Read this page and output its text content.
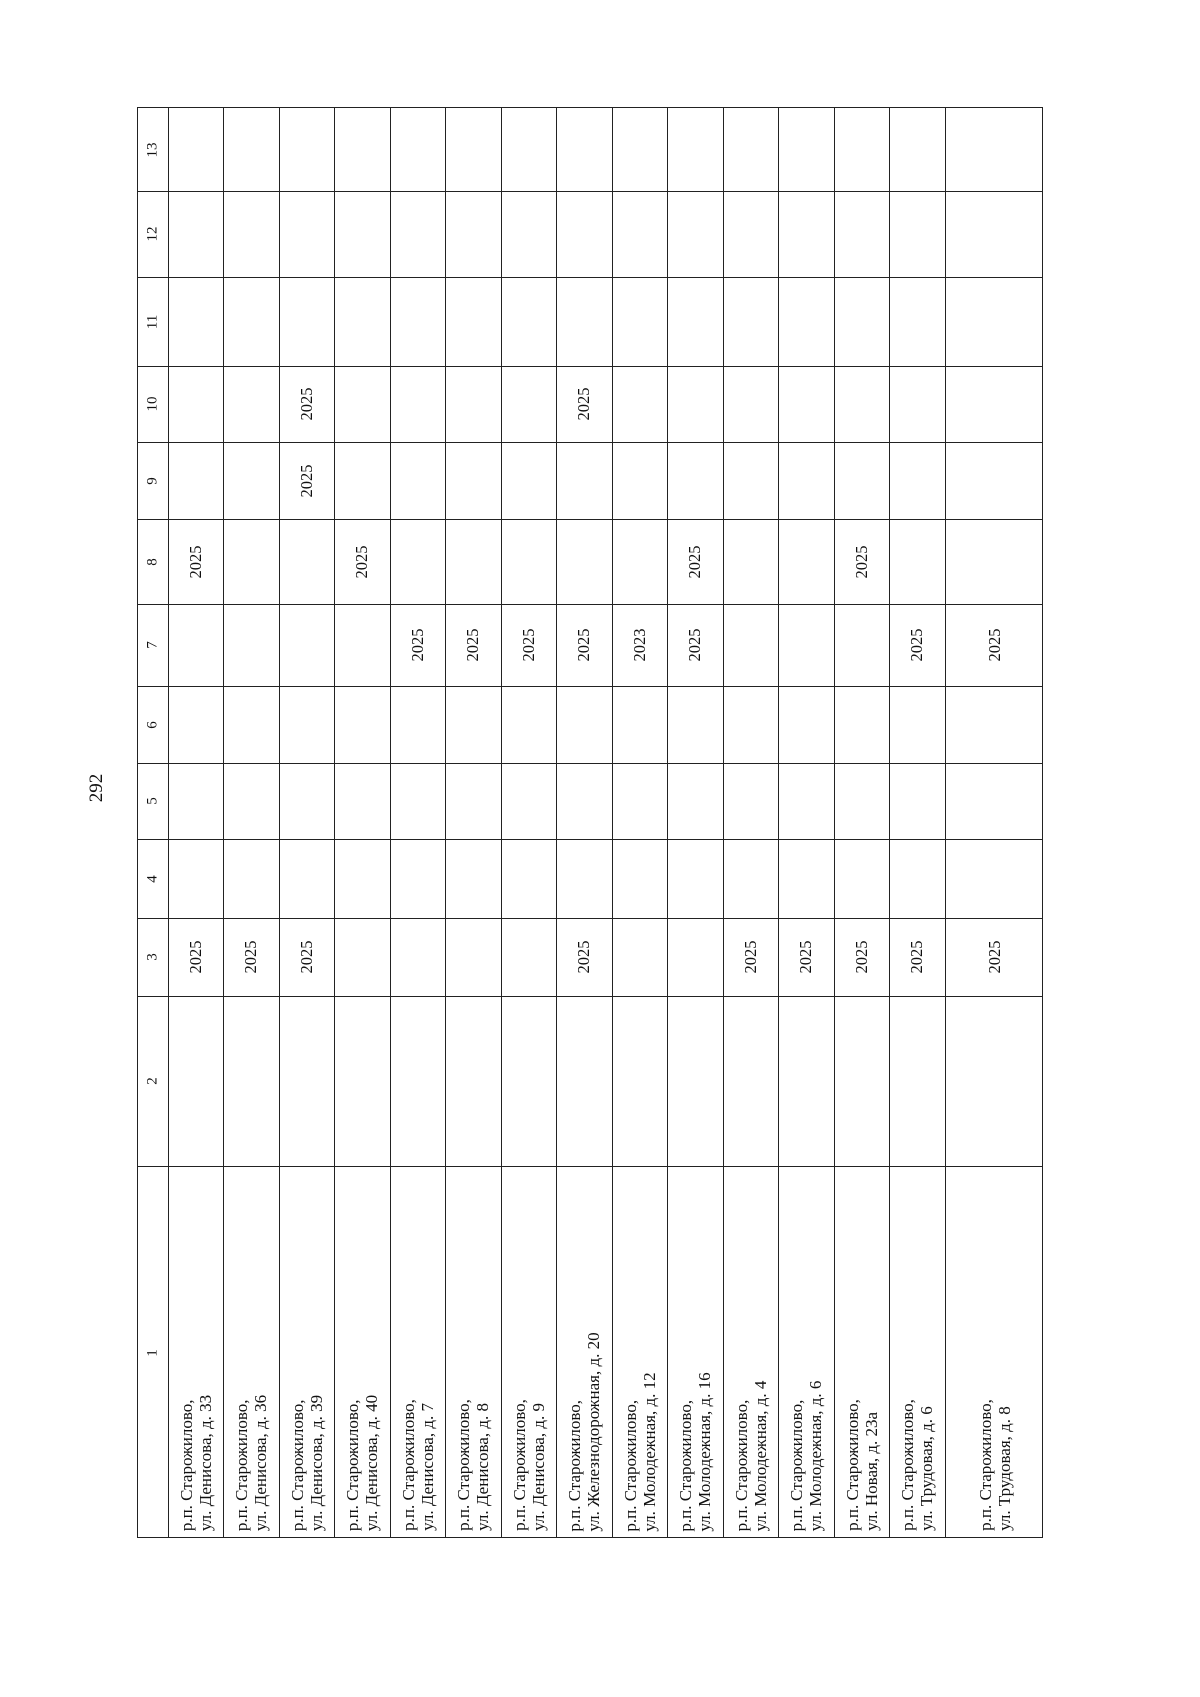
292
1
2
3
4
5
6
7
8
9
10
11
12
13
р.п. Старожилово, ул. Денисова, д. 33
2025
2025
р.п. Старожилово, ул. Денисова, д. 36
2025
р.п. Старожилово, ул. Денисова, д. 39
2025
2025
2025
р.п. Старожилово, ул. Денисова, д. 40
2025
р.п. Старожилово, ул. Денисова, д. 7
2025
р.п. Старожилово, ул. Денисова, д. 8
2025
р.п. Старожилово, ул. Денисова, д. 9
2025
р.п. Старожилово, ул. Железнодорожная, д. 20
2025
2025
2025
р.п. Старожилово, ул. Молодежная, д. 12
2023
р.п. Старожилово, ул. Молодежная, д. 16
2025
2025
р.п. Старожилово, ул. Молодежная, д. 4
2025
р.п. Старожилово, ул. Молодежная, д. 6
2025
р.п. Старожилово, ул. Новая, д. 23а
2025
2025
р.п. Старожилово, ул. Трудовая, д. 6
2025
2025
р.п. Старожилово, ул. Трудовая, д. 8
2025
2025
